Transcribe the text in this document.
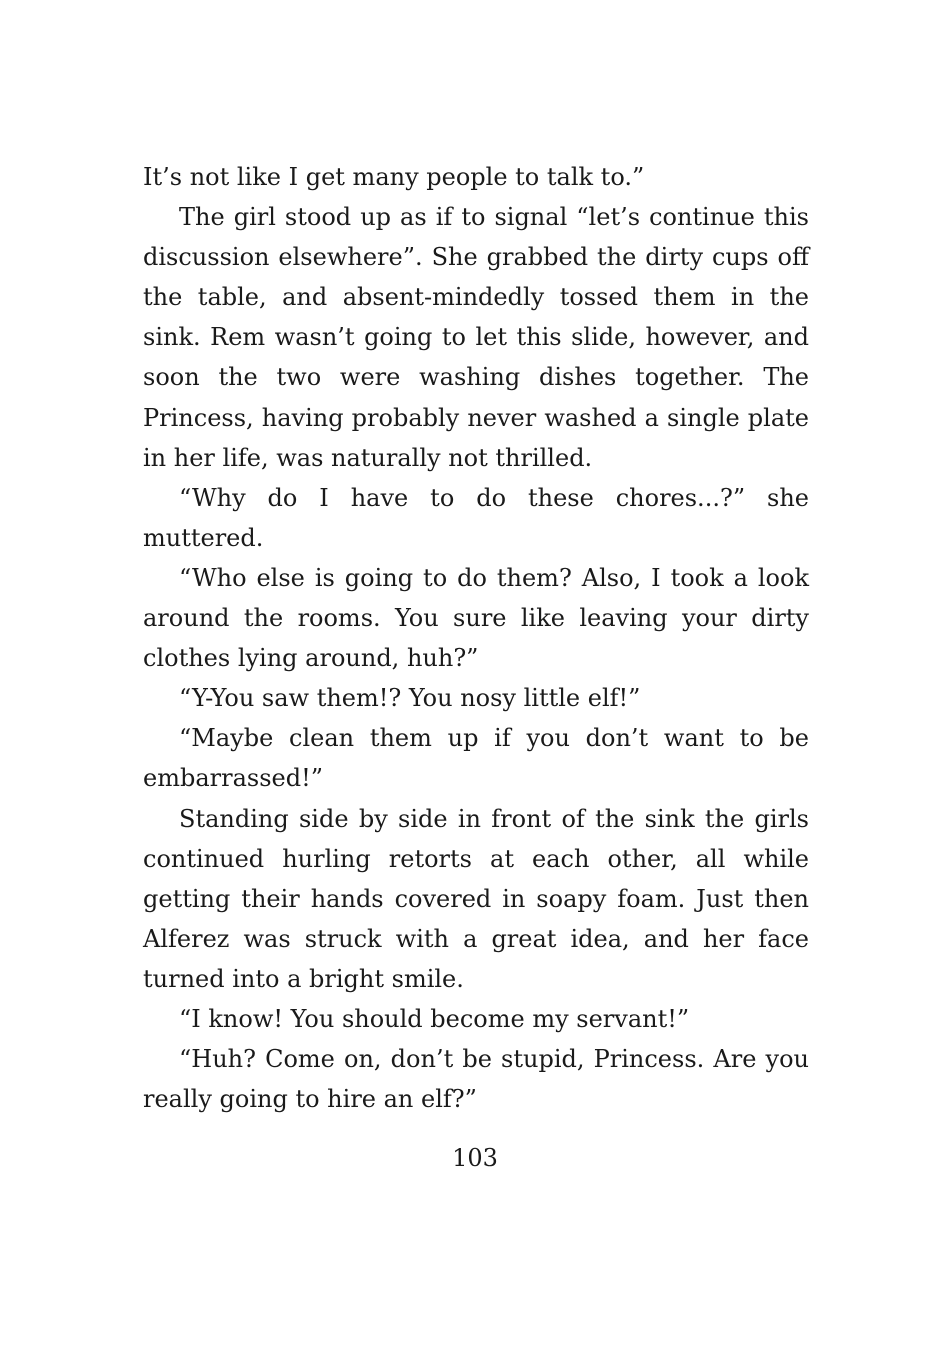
It’s not like I get many people to talk to.”

The girl stood up as if to signal “let’s continue this discussion elsewhere”. She grabbed the dirty cups off the table, and absent-mindedly tossed them in the sink. Rem wasn’t going to let this slide, however, and soon the two were washing dishes together. The Princess, having probably never washed a single plate in her life, was naturally not thrilled.

“Why do I have to do these chores...?” she muttered.

“Who else is going to do them? Also, I took a look around the rooms. You sure like leaving your dirty clothes lying around, huh?”

“Y-You saw them!? You nosy little elf!”

“Maybe clean them up if you don’t want to be embarrassed!”

Standing side by side in front of the sink the girls continued hurling retorts at each other, all while getting their hands covered in soapy foam. Just then Alferez was struck with a great idea, and her face turned into a bright smile.

“I know! You should become my servant!”

“Huh? Come on, don’t be stupid, Princess. Are you really going to hire an elf?”

103
